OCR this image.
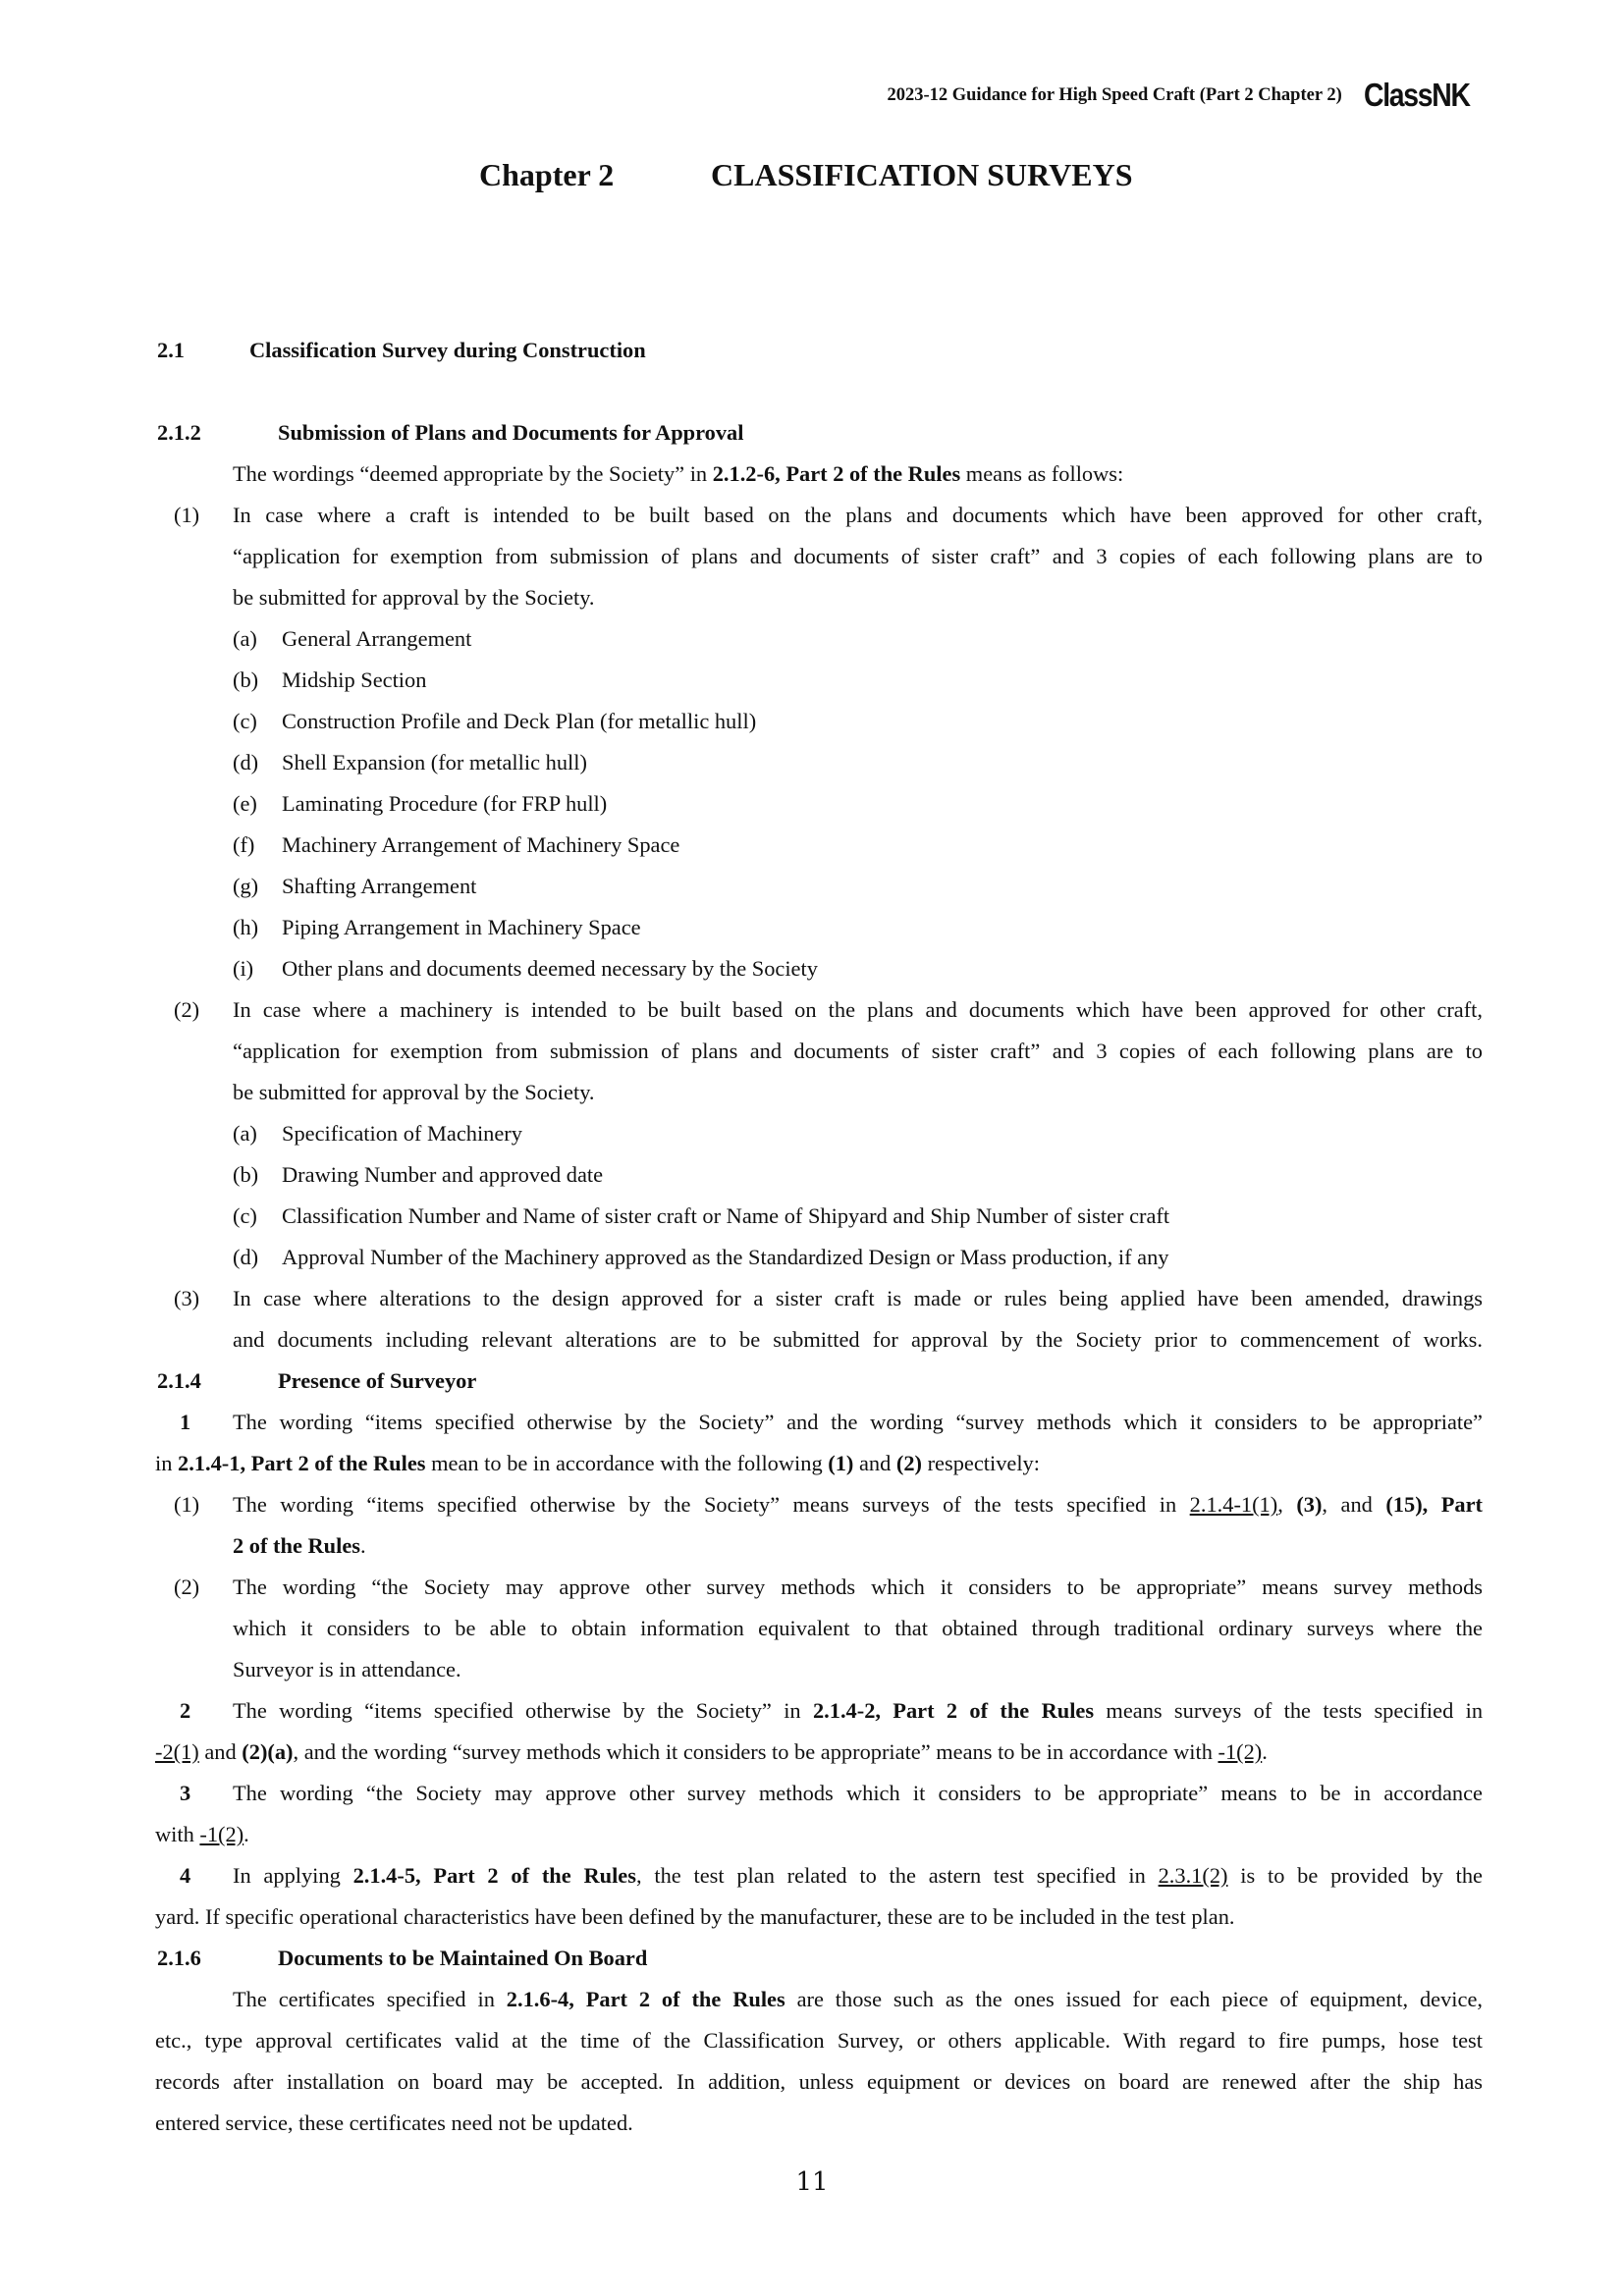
2023-12 Guidance for High Speed Craft (Part 2 Chapter 2) ClassNK
Chapter 2	CLASSIFICATION SURVEYS
2.1	Classification Survey during Construction
2.1.2	Submission of Plans and Documents for Approval
The wordings “deemed appropriate by the Society” in 2.1.2-6, Part 2 of the Rules means as follows:
(1)	In case where a craft is intended to be built based on the plans and documents which have been approved for other craft,
“application for exemption from submission of plans and documents of sister craft” and 3 copies of each following plans are to
be submitted for approval by the Society.
(a)	General Arrangement
(b)	Midship Section
(c)	Construction Profile and Deck Plan (for metallic hull)
(d)	Shell Expansion (for metallic hull)
(e)	Laminating Procedure (for FRP hull)
(f)	Machinery Arrangement of Machinery Space
(g)	Shafting Arrangement
(h)	Piping Arrangement in Machinery Space
(i)	Other plans and documents deemed necessary by the Society
(2)	In case where a machinery is intended to be built based on the plans and documents which have been approved for other craft,
“application for exemption from submission of plans and documents of sister craft” and 3 copies of each following plans are to
be submitted for approval by the Society.
(a)	Specification of Machinery
(b)	Drawing Number and approved date
(c)	Classification Number and Name of sister craft or Name of Shipyard and Ship Number of sister craft
(d)	Approval Number of the Machinery approved as the Standardized Design or Mass production, if any
(3)	In case where alterations to the design approved for a sister craft is made or rules being applied have been amended, drawings
and documents including relevant alterations are to be submitted for approval by the Society prior to commencement of works.
2.1.4	Presence of Surveyor
1	The wording “items specified otherwise by the Society” and the wording “survey methods which it considers to be appropriate”
in 2.1.4-1, Part 2 of the Rules mean to be in accordance with the following (1) and (2) respectively:
(1)	The wording “items specified otherwise by the Society” means surveys of the tests specified in 2.1.4-1(1), (3), and (15), Part
2 of the Rules.
(2)	The wording “the Society may approve other survey methods which it considers to be appropriate” means survey methods
which it considers to be able to obtain information equivalent to that obtained through traditional ordinary surveys where the
Surveyor is in attendance.
2	The wording “items specified otherwise by the Society” in 2.1.4-2, Part 2 of the Rules means surveys of the tests specified in
-2(1) and (2)(a), and the wording “survey methods which it considers to be appropriate” means to be in accordance with -1(2).
3	The wording “the Society may approve other survey methods which it considers to be appropriate” means to be in accordance
with -1(2).
4	In applying 2.1.4-5, Part 2 of the Rules, the test plan related to the astern test specified in 2.3.1(2) is to be provided by the
yard. If specific operational characteristics have been defined by the manufacturer, these are to be included in the test plan.
2.1.6	Documents to be Maintained On Board
The certificates specified in 2.1.6-4, Part 2 of the Rules are those such as the ones issued for each piece of equipment, device,
etc., type approval certificates valid at the time of the Classification Survey, or others applicable. With regard to fire pumps, hose test
records after installation on board may be accepted. In addition, unless equipment or devices on board are renewed after the ship has
entered service, these certificates need not be updated.
11
